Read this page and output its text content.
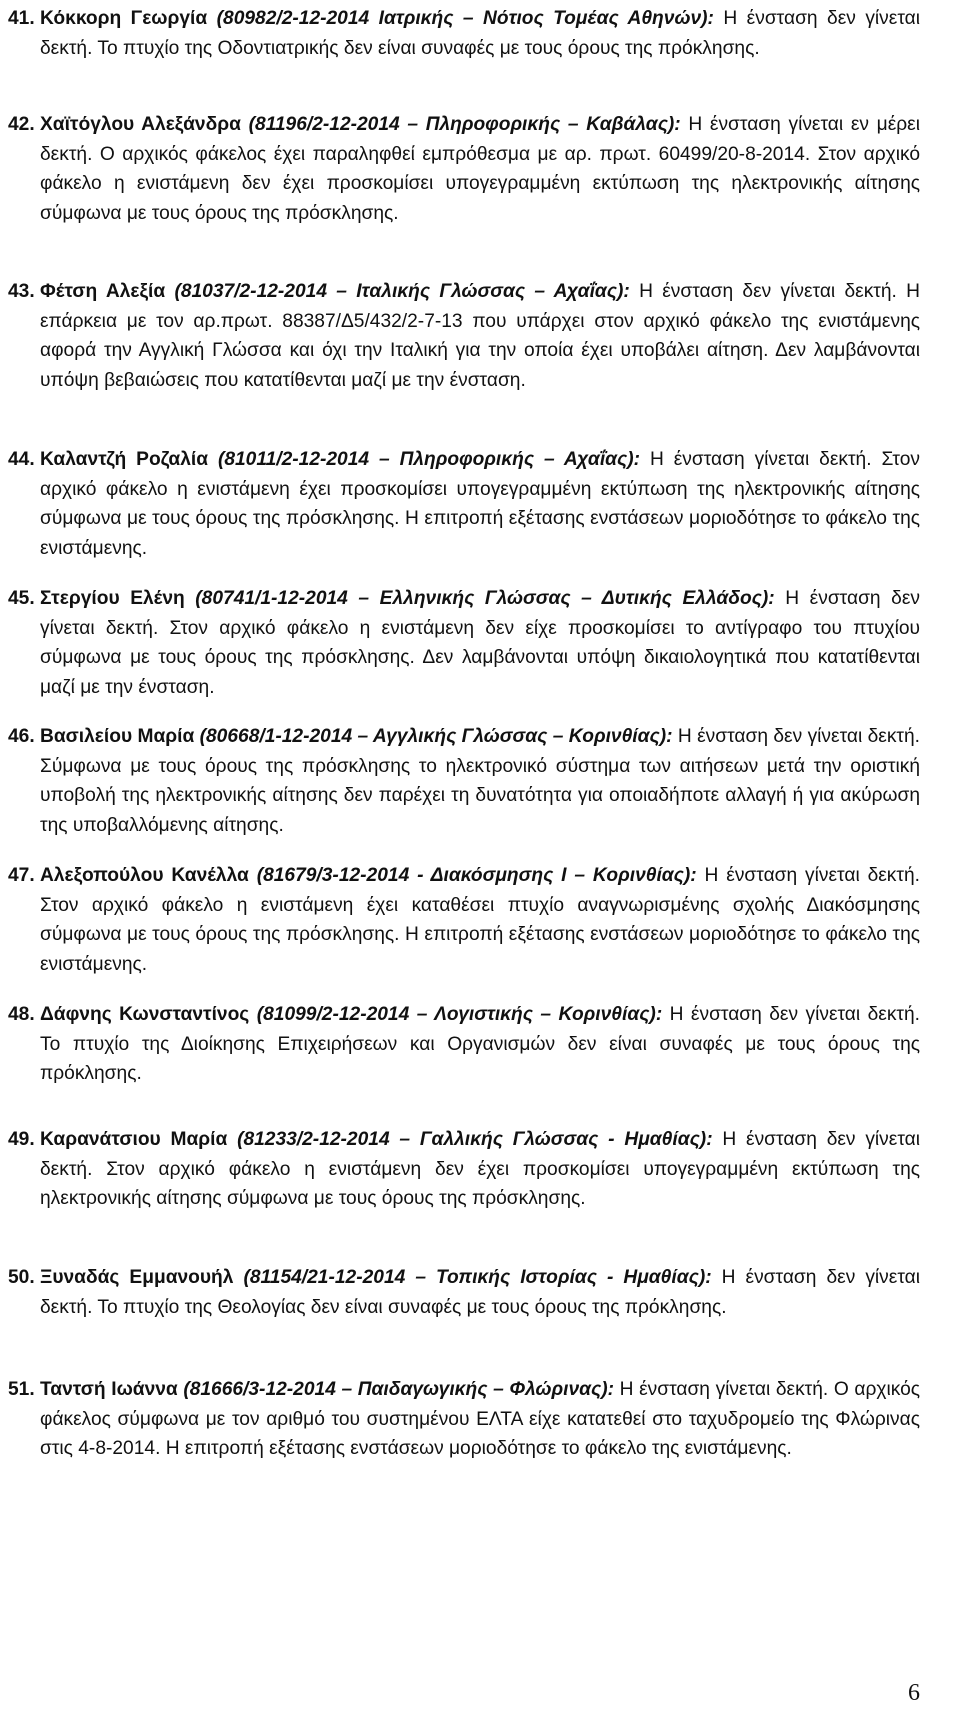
41. Κόκκορη Γεωργία (80982/2-12-2014 Ιατρικής – Νότιος Τομέας Αθηνών): Η ένσταση δεν γίνεται δεκτή. Το πτυχίο της Οδοντιατρικής δεν είναι συναφές με τους όρους της πρόκλησης.
42. Χαϊτόγλου Αλεξάνδρα (81196/2-12-2014 – Πληροφορικής – Καβάλας): Η ένσταση γίνεται εν μέρει δεκτή. Ο αρχικός φάκελος έχει παραληφθεί εμπρόθεσμα με αρ. πρωτ. 60499/20-8-2014. Στον αρχικό φάκελο η ενιστάμενη δεν έχει προσκομίσει υπογεγραμμένη εκτύπωση της ηλεκτρονικής αίτησης σύμφωνα με τους όρους της πρόσκλησης.
43. Φέτση Αλεξία (81037/2-12-2014 – Ιταλικής Γλώσσας – Αχαΐας): Η ένσταση δεν γίνεται δεκτή. Η επάρκεια με τον αρ.πρωτ. 88387/Δ5/432/2-7-13 που υπάρχει στον αρχικό φάκελο της ενιστάμενης αφορά την Αγγλική Γλώσσα και όχι την Ιταλική για την οποία έχει υποβάλει αίτηση. Δεν λαμβάνονται υπόψη βεβαιώσεις που κατατίθενται μαζί με την ένσταση.
44. Καλαντζή Ροζαλία (81011/2-12-2014 – Πληροφορικής – Αχαΐας): Η ένσταση γίνεται δεκτή. Στον αρχικό φάκελο η ενιστάμενη έχει προσκομίσει υπογεγραμμένη εκτύπωση της ηλεκτρονικής αίτησης σύμφωνα με τους όρους της πρόσκλησης. Η επιτροπή εξέτασης ενστάσεων μοριοδότησε το φάκελο της ενιστάμενης.
45. Στεργίου Ελένη (80741/1-12-2014 – Ελληνικής Γλώσσας – Δυτικής Ελλάδος): Η ένσταση δεν γίνεται δεκτή. Στον αρχικό φάκελο η ενιστάμενη δεν είχε προσκομίσει το αντίγραφο του πτυχίου σύμφωνα με τους όρους της πρόσκλησης. Δεν λαμβάνονται υπόψη δικαιολογητικά που κατατίθενται μαζί με την ένσταση.
46. Βασιλείου Μαρία (80668/1-12-2014 – Αγγλικής Γλώσσας – Κορινθίας): Η ένσταση δεν γίνεται δεκτή. Σύμφωνα με τους όρους της πρόσκλησης το ηλεκτρονικό σύστημα των αιτήσεων μετά την οριστική υποβολή της ηλεκτρονικής αίτησης δεν παρέχει τη δυνατότητα για οποιαδήποτε αλλαγή ή για ακύρωση της υποβαλλόμενης αίτησης.
47. Αλεξοπούλου Κανέλλα (81679/3-12-2014 - Διακόσμησης Ι – Κορινθίας): Η ένσταση γίνεται δεκτή. Στον αρχικό φάκελο η ενιστάμενη έχει καταθέσει πτυχίο αναγνωρισμένης σχολής Διακόσμησης σύμφωνα με τους όρους της πρόσκλησης. Η επιτροπή εξέτασης ενστάσεων μοριοδότησε το φάκελο της ενιστάμενης.
48. Δάφνης Κωνσταντίνος (81099/2-12-2014 – Λογιστικής – Κορινθίας): Η ένσταση δεν γίνεται δεκτή. Το πτυχίο της Διοίκησης Επιχειρήσεων και Οργανισμών δεν είναι συναφές με τους όρους της πρόκλησης.
49. Καρανάτσιου Μαρία (81233/2-12-2014 – Γαλλικής Γλώσσας - Ημαθίας): Η ένσταση δεν γίνεται δεκτή. Στον αρχικό φάκελο η ενιστάμενη δεν έχει προσκομίσει υπογεγραμμένη εκτύπωση της ηλεκτρονικής αίτησης σύμφωνα με τους όρους της πρόσκλησης.
50. Ξυναδάς Εμμανουήλ (81154/21-12-2014 – Τοπικής Ιστορίας - Ημαθίας): Η ένσταση δεν γίνεται δεκτή. Το πτυχίο της Θεολογίας δεν είναι συναφές με τους όρους της πρόκλησης.
51. Ταντσή Ιωάννα (81666/3-12-2014 – Παιδαγωγικής – Φλώρινας): Η ένσταση γίνεται δεκτή. Ο αρχικός φάκελος σύμφωνα με τον αριθμό του συστημένου ΕΛΤΑ είχε κατατεθεί στο ταχυδρομείο της Φλώρινας στις 4-8-2014. Η επιτροπή εξέτασης ενστάσεων μοριοδότησε το φάκελο της ενιστάμενης.
6
